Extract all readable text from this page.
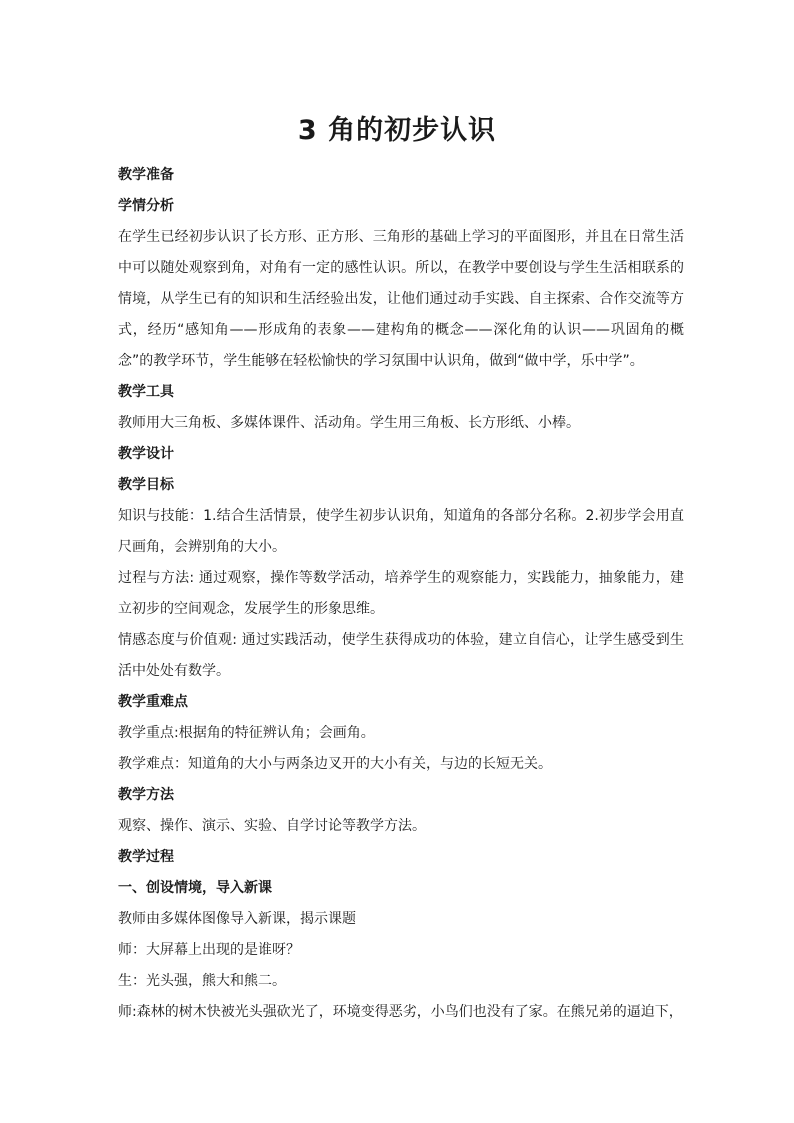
3 角的初步认识
教学准备
学情分析
在学生已经初步认识了长方形、正方形、三角形的基础上学习的平面图形，并且在日常生活中可以随处观察到角，对角有一定的感性认识。所以，在教学中要创设与学生生活相联系的情境，从学生已有的知识和生活经验出发，让他们通过动手实践、自主探索、合作交流等方式，经历“感知角——形成角的表象——建构角的概念——深化角的认识——巩固角的概念”的教学环节，学生能够在轻松愉快的学习氛围中认识角，做到“做中学，乐中学”。
教学工具
教师用大三角板、多媒体课件、活动角。学生用三角板、长方形纸、小棒。
教学设计
教学目标
知识与技能：1.结合生活情景，使学生初步认识角，知道角的各部分名称。2.初步学会用直尺画角，会辨别角的大小。
过程与方法: 通过观察，操作等数学活动，培养学生的观察能力，实践能力，抽象能力，建立初步的空间观念，发展学生的形象思维。
情感态度与价值观: 通过实践活动，使学生获得成功的体验，建立自信心，让学生感受到生活中处处有数学。
教学重难点
教学重点:根据角的特征辨认角；会画角。
教学难点：知道角的大小与两条边叉开的大小有关，与边的长短无关。
教学方法
观察、操作、演示、实验、自学讨论等教学方法。
教学过程
一、创设情境，导入新课
教师由多媒体图像导入新课，揭示课题
师：大屏幕上出现的是谁呀？
生：光头强，熊大和熊二。
师:森林的树木快被光头强砍光了，环境变得恶劣，小鸟们也没有了家。在熊兄弟的逼迫下，
